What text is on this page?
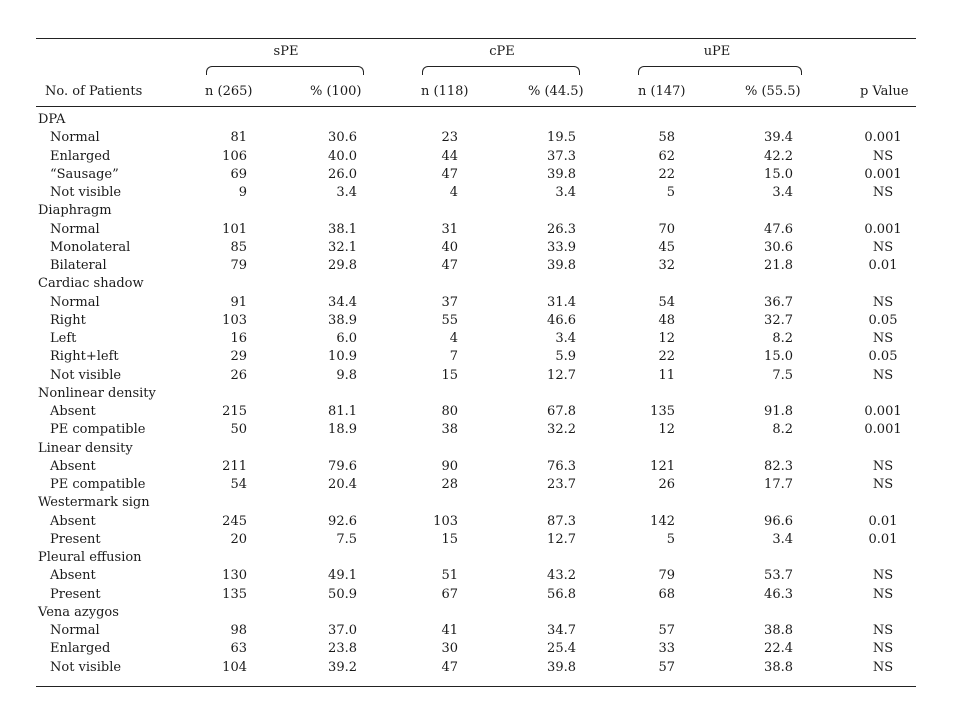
sPE	cPE	uPE
No. of Patients	n (265)	% (100)	n (118)	% (44.5)	n (147)	% (55.5)	p Value
DPA
Normal	81	30.6	23	19.5	58	39.4	0.001
Enlarged	106	40.0	44	37.3	62	42.2	NS
“Sausage”	69	26.0	47	39.8	22	15.0	0.001
Not visible	9	3.4	4	3.4	5	3.4	NS
Diaphragm
Normal	101	38.1	31	26.3	70	47.6	0.001
Monolateral	85	32.1	40	33.9	45	30.6	NS
Bilateral	79	29.8	47	39.8	32	21.8	0.01
Cardiac shadow
Normal	91	34.4	37	31.4	54	36.7	NS
Right	103	38.9	55	46.6	48	32.7	0.05
Left	16	6.0	4	3.4	12	8.2	NS
Right+left	29	10.9	7	5.9	22	15.0	0.05
Not visible	26	9.8	15	12.7	11	7.5	NS
Nonlinear density
Absent	215	81.1	80	67.8	135	91.8	0.001
PE compatible	50	18.9	38	32.2	12	8.2	0.001
Linear density
Absent	211	79.6	90	76.3	121	82.3	NS
PE compatible	54	20.4	28	23.7	26	17.7	NS
Westermark sign
Absent	245	92.6	103	87.3	142	96.6	0.01
Present	20	7.5	15	12.7	5	3.4	0.01
Pleural effusion
Absent	130	49.1	51	43.2	79	53.7	NS
Present	135	50.9	67	56.8	68	46.3	NS
Vena azygos
Normal	98	37.0	41	34.7	57	38.8	NS
Enlarged	63	23.8	30	25.4	33	22.4	NS
Not visible	104	39.2	47	39.8	57	38.8	NS
